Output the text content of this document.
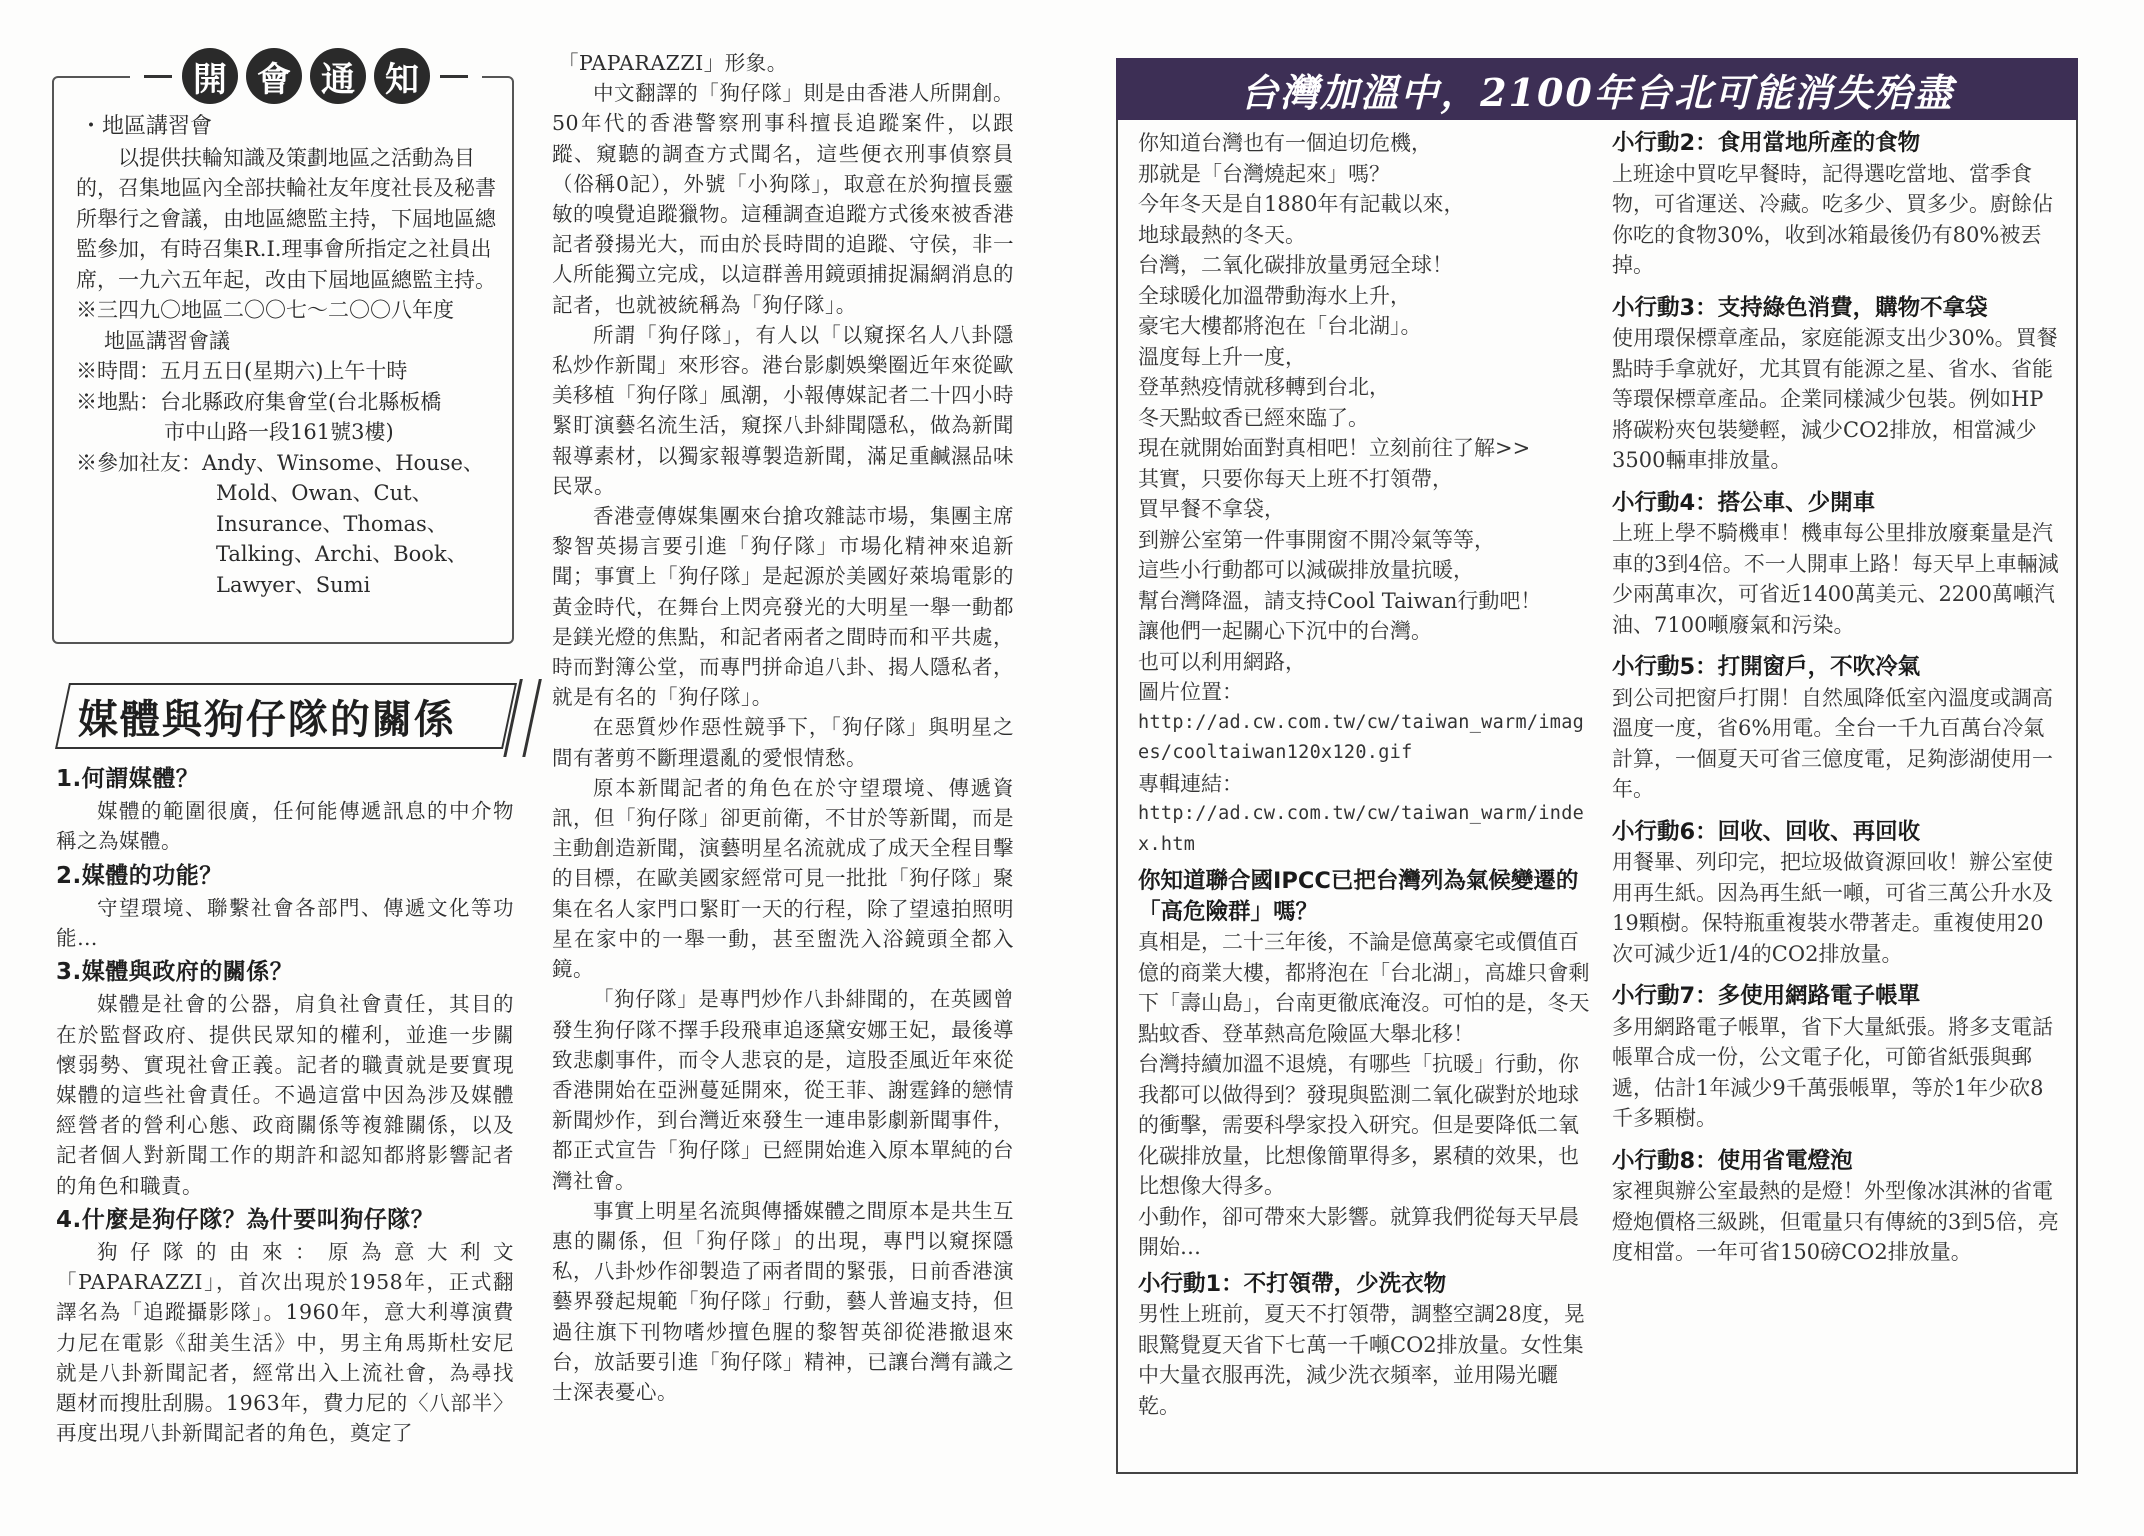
開 會 通 知
・地區講習會

以提供扶輪知識及策劃地區之活動為目的，召集地區內全部扶輪社友年度社長及秘書所舉行之會議，由地區總監主持，下屆地區總監參加，有時召集R.I.理事會所指定之社員出席，一九六五年起，改由下屆地區總監主持。

※三四九〇地區二〇〇七～二〇〇八年度
地區講習會議
※時間：五月五日(星期六)上午十時
※地點：台北縣政府集會堂(台北縣板橋
市中山路一段161號3樓)
※參加社友：Andy、Winsome、House、
Mold、Owan、Cut、
Insurance、Thomas、
Talking、Archi、Book、
Lawyer、Sumi
媒體與狗仔隊的關係
1.何謂媒體？

媒體的範圍很廣，任何能傳遞訊息的中介物稱之為媒體。

2.媒體的功能？

守望環境、聯繫社會各部門、傳遞文化等功能…

3.媒體與政府的關係？

媒體是社會的公器，肩負社會責任，其目的在於監督政府、提供民眾知的權利，並進一步關懷弱勢、實現社會正義。記者的職責就是要實現媒體的這些社會責任。不過這當中因為涉及媒體經營者的營利心態、政商關係等複雜關係，以及記者個人對新聞工作的期許和認知都將影響記者的角色和職責。

4.什麼是狗仔隊？為什要叫狗仔隊？

狗仔隊的由來：原為意大利文「PAPARAZZI」，首次出現於1958年，正式翻譯名為「追蹤攝影隊」。1960年，意大利導演費力尼在電影《甜美生活》中，男主角馬斯杜安尼就是八卦新聞記者，經常出入上流社會，為尋找題材而搜肚刮腸。1963年，費力尼的〈八部半〉再度出現八卦新聞記者的角色，奠定了

「PAPARAZZI」形象。

中文翻譯的「狗仔隊」則是由香港人所開創。50年代的香港警察刑事科擅長追蹤案件，以跟蹤、窺聽的調查方式聞名，這些便衣刑事偵察員（俗稱0記），外號「小狗隊」，取意在於狗擅長靈敏的嗅覺追蹤獵物。這種調查追蹤方式後來被香港記者發揚光大，而由於長時間的追蹤、守侯，非一人所能獨立完成，以這群善用鏡頭捕捉漏網消息的記者，也就被統稱為「狗仔隊」。

所謂「狗仔隊」，有人以「以窺探名人八卦隱私炒作新聞」來形容。港台影劇娛樂圈近年來從歐美移植「狗仔隊」風潮，小報傳媒記者二十四小時緊盯演藝名流生活，窺探八卦緋聞隱私，做為新聞報導素材，以獨家報導製造新聞，滿足重鹹濕品味民眾。

香港壹傳媒集團來台搶攻雜誌市場，集團主席黎智英揚言要引進「狗仔隊」市場化精神來追新聞；事實上「狗仔隊」是起源於美國好萊塢電影的黃金時代，在舞台上閃亮發光的大明星一舉一動都是鎂光燈的焦點，和記者兩者之間時而和平共處，時而對簿公堂，而專門拼命追八卦、揭人隱私者，就是有名的「狗仔隊」。

在惡質炒作惡性競爭下，「狗仔隊」與明星之間有著剪不斷理還亂的愛恨情愁。

原本新聞記者的角色在於守望環境、傳遞資訊，但「狗仔隊」卻更前衛，不甘於等新聞，而是主動創造新聞，演藝明星名流就成了成天全程目擊的目標，在歐美國家經常可見一批批「狗仔隊」聚集在名人家門口緊盯一天的行程，除了望遠拍照明星在家中的一舉一動，甚至盥洗入浴鏡頭全都入鏡。

「狗仔隊」是專門炒作八卦緋聞的，在英國曾發生狗仔隊不擇手段飛車追逐黛安娜王妃，最後導致悲劇事件，而令人悲哀的是，這股歪風近年來從香港開始在亞洲蔓延開來，從王菲、謝霆鋒的戀情新聞炒作，到台灣近來發生一連串影劇新聞事件，都正式宣告「狗仔隊」已經開始進入原本單純的台灣社會。

事實上明星名流與傳播媒體之間原本是共生互惠的關係，但「狗仔隊」的出現，專門以窺探隱私，八卦炒作卻製造了兩者間的緊張，日前香港演藝界發起規範「狗仔隊」行動，藝人普遍支持，但過往旗下刊物嗜炒擅色腥的黎智英卻從港撤退來台，放話要引進「狗仔隊」精神，已讓台灣有識之士深表憂心。

台灣加溫中，2100年台北可能消失殆盡
你知道台灣也有一個迫切危機，
那就是「台灣燒起來」嗎？
今年冬天是自1880年有記載以來，
地球最熱的冬天。
台灣，二氧化碳排放量勇冠全球！
全球暖化加溫帶動海水上升，
豪宅大樓都將泡在「台北湖」。
溫度每上升一度，
登革熱疫情就移轉到台北，
冬天點蚊香已經來臨了。
現在就開始面對真相吧！立刻前往了解>>
其實，只要你每天上班不打領帶，
買早餐不拿袋，
到辦公室第一件事開窗不開冷氣等等，
這些小行動都可以減碳排放量抗暖，
幫台灣降溫，請支持Cool Taiwan行動吧！
讓他們一起關心下沉中的台灣。
也可以利用網路，
圖片位置：
http://ad.cw.com.tw/cw/taiwan_warm/images/cooltaiwan120x120.gif
專輯連結：
http://ad.cw.com.tw/cw/taiwan_warm/index.htm
你知道聯合國IPCC已把台灣列為氣候變遷的「高危險群」嗎？
真相是，二十三年後，不論是億萬豪宅或價值百億的商業大樓，都將泡在「台北湖」，高雄只會剩下「壽山島」，台南更徹底淹沒。可怕的是，冬天點蚊香、登革熱高危險區大舉北移！
台灣持續加溫不退燒，有哪些「抗暖」行動，你我都可以做得到？發現與監測二氧化碳對於地球的衝擊，需要科學家投入研究。但是要降低二氧化碳排放量，比想像簡單得多，累積的效果，也比想像大得多。
小動作，卻可帶來大影響。就算我們從每天早晨開始…
小行動1：不打領帶，少洗衣物
男性上班前，夏天不打領帶，調整空調28度，晃眼驚覺夏天省下七萬一千噸CO2排放量。女性集中大量衣服再洗，減少洗衣頻率，並用陽光曬乾。
小行動2：食用當地所產的食物
上班途中買吃早餐時，記得選吃當地、當季食物，可省運送、冷藏。吃多少、買多少。廚餘佔你吃的食物30%，收到冰箱最後仍有80%被丟掉。
小行動3：支持綠色消費，購物不拿袋
使用環保標章產品，家庭能源支出少30%。買餐點時手拿就好，尤其買有能源之星、省水、省能等環保標章產品。企業同樣減少包裝。例如HP將碳粉夾包裝變輕，減少CO2排放，相當減少3500輛車排放量。
小行動4：搭公車、少開車
上班上學不騎機車！機車每公里排放廢棄量是汽車的3到4倍。不一人開車上路！每天早上車輛減少兩萬車次，可省近1400萬美元、2200萬噸汽油、7100噸廢氣和污染。
小行動5：打開窗戶，不吹冷氣
到公司把窗戶打開！自然風降低室內溫度或調高溫度一度，省6%用電。全台一千九百萬台冷氣計算，一個夏天可省三億度電，足夠澎湖使用一年。
小行動6：回收、回收、再回收
用餐畢、列印完，把垃圾做資源回收！辦公室使用再生紙。因為再生紙一噸，可省三萬公升水及19顆樹。保特瓶重複裝水帶著走。重複使用20次可減少近1/4的CO2排放量。
小行動7：多使用網路電子帳單
多用網路電子帳單，省下大量紙張。將多支電話帳單合成一份，公文電子化，可節省紙張與郵遞，估計1年減少9千萬張帳單，等於1年少砍8千多顆樹。
小行動8：使用省電燈泡
家裡與辦公室最熱的是燈！外型像冰淇淋的省電燈炮價格三級跳，但電量只有傳統的3到5倍，亮度相當。一年可省150磅CO2排放量。
